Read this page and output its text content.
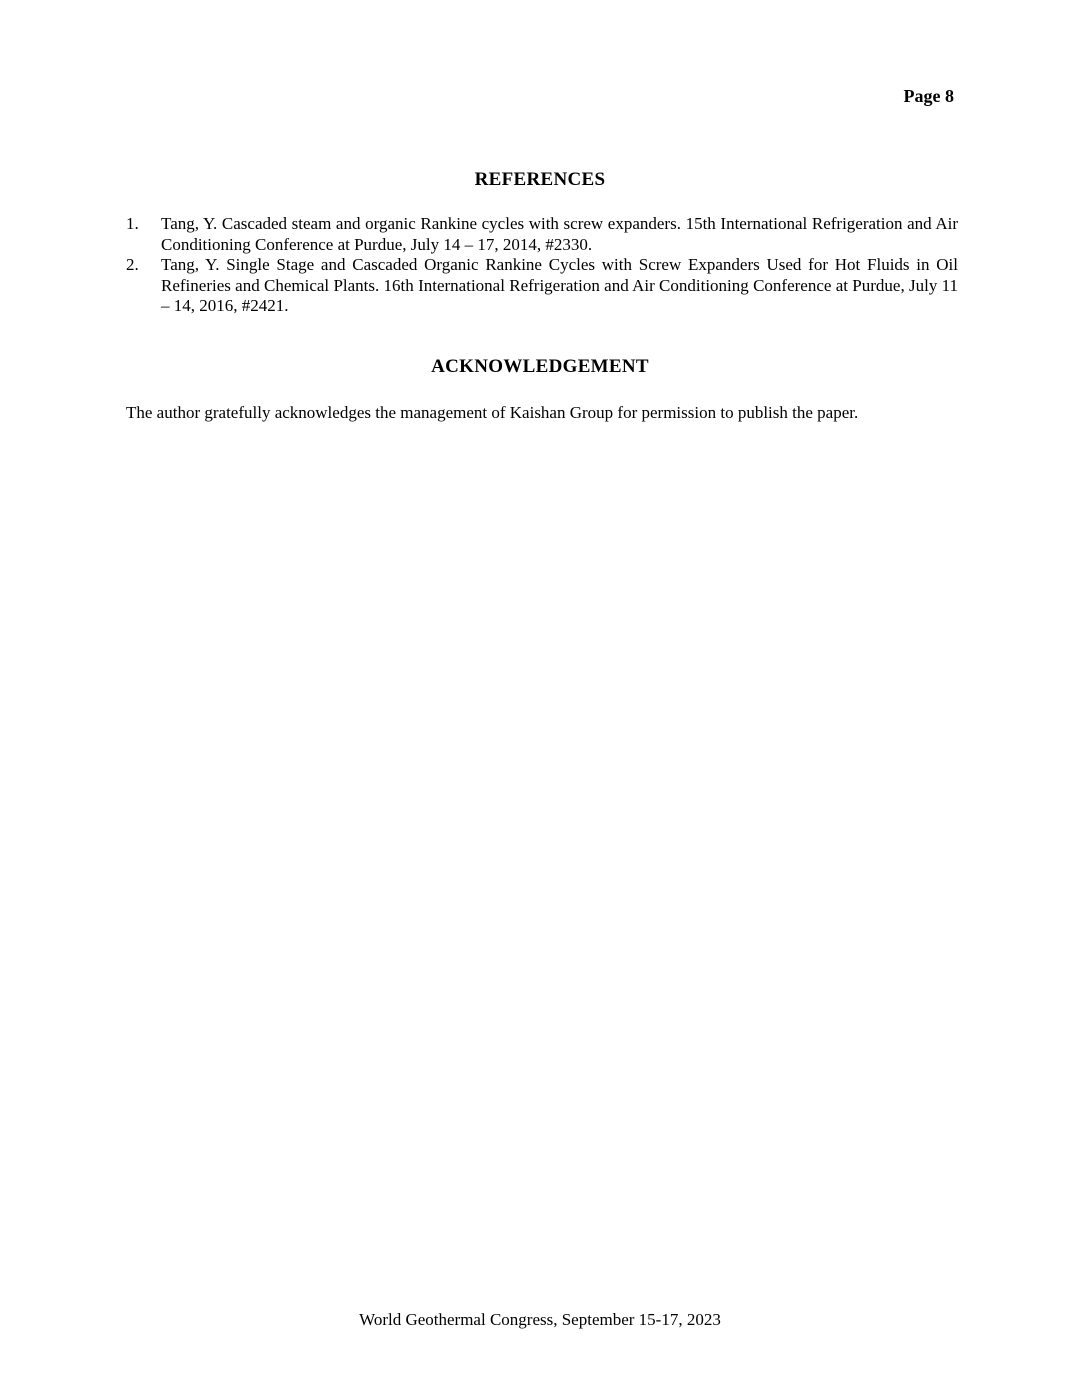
Page 8
REFERENCES
1.	Tang, Y. Cascaded steam and organic Rankine cycles with screw expanders. 15th International Refrigeration and Air Conditioning Conference at Purdue, July 14 – 17, 2014, #2330.
2.	Tang, Y. Single Stage and Cascaded Organic Rankine Cycles with Screw Expanders Used for Hot Fluids in Oil Refineries and Chemical Plants. 16th International Refrigeration and Air Conditioning Conference at Purdue, July 11 – 14, 2016, #2421.
ACKNOWLEDGEMENT

The author gratefully acknowledges the management of Kaishan Group for permission to publish the paper.

World Geothermal Congress, September 15-17, 2023
